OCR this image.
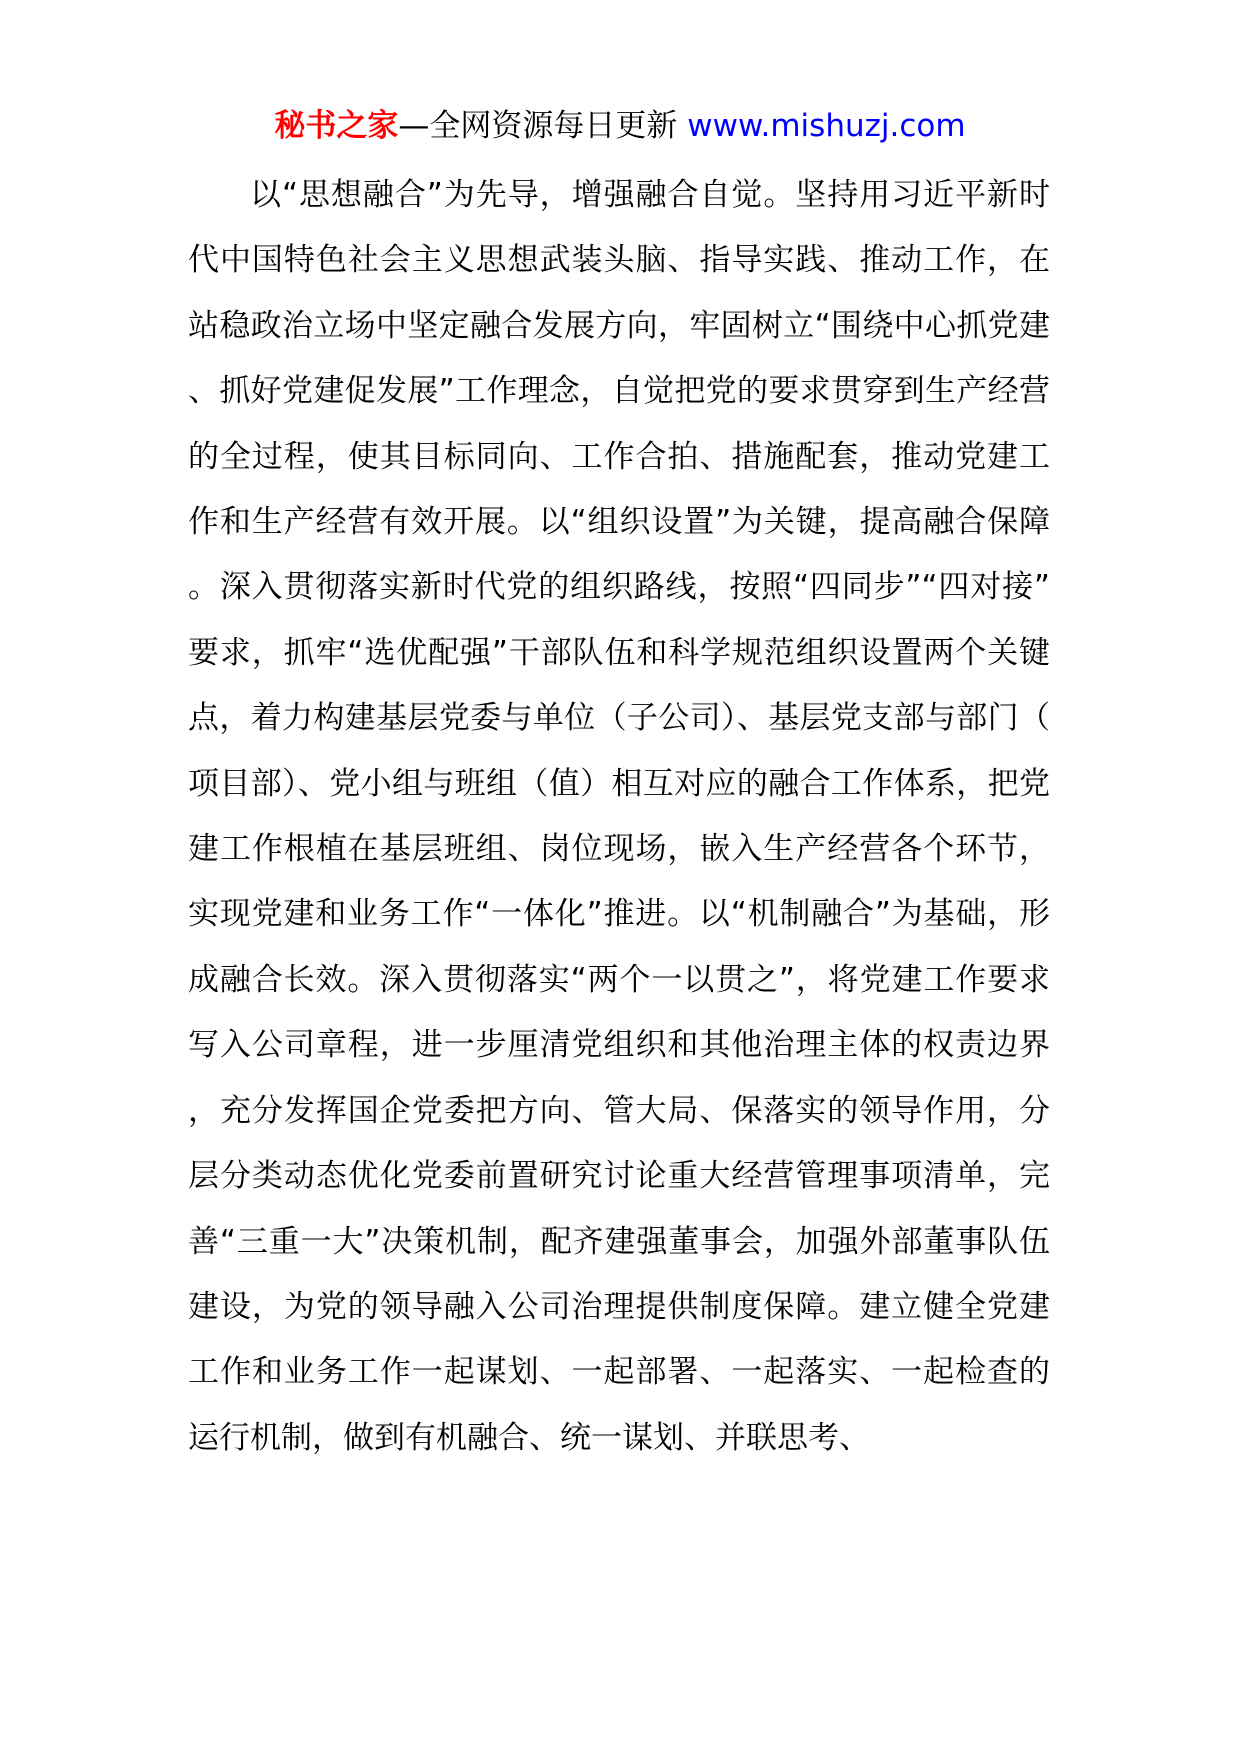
秘书之家—全网资源每日更新 www.mishuzj.com

以“思想融合”为先导，增强融合自觉。坚持用习近平新时代中国特色社会主义思想武装头脑、指导实践、推动工作，在站稳政治立场中坚定融合发展方向，牢固树立“围绕中心抓党建、抓好党建促发展”工作理念，自觉把党的要求贯穿到生产经营的全过程，使其目标同向、工作合拍、措施配套，推动党建工作和生产经营有效开展。以“组织设置”为关键，提高融合保障。深入贯彻落实新时代党的组织路线，按照“四同步”“四对接”要求，抓牢“选优配强”干部队伍和科学规范组织设置两个关键点，着力构建基层党委与单位（子公司）、基层党支部与部门（项目部）、党小组与班组（值）相互对应的融合工作体系，把党建工作根植在基层班组、岗位现场，嵌入生产经营各个环节，实现党建和业务工作“一体化”推进。以“机制融合”为基础，形成融合长效。深入贯彻落实“两个一以贯之”，将党建工作要求写入公司章程，进一步厘清党组织和其他治理主体的权责边界，充分发挥国企党委把方向、管大局、保落实的领导作用，分层分类动态优化党委前置研究讨论重大经营管理事项清单，完善“三重一大”决策机制，配齐建强董事会，加强外部董事队伍建设，为党的领导融入公司治理提供制度保障。建立健全党建工作和业务工作一起谋划、一起部署、一起落实、一起检查的运行机制，做到有机融合、统一谋划、并联思考、
